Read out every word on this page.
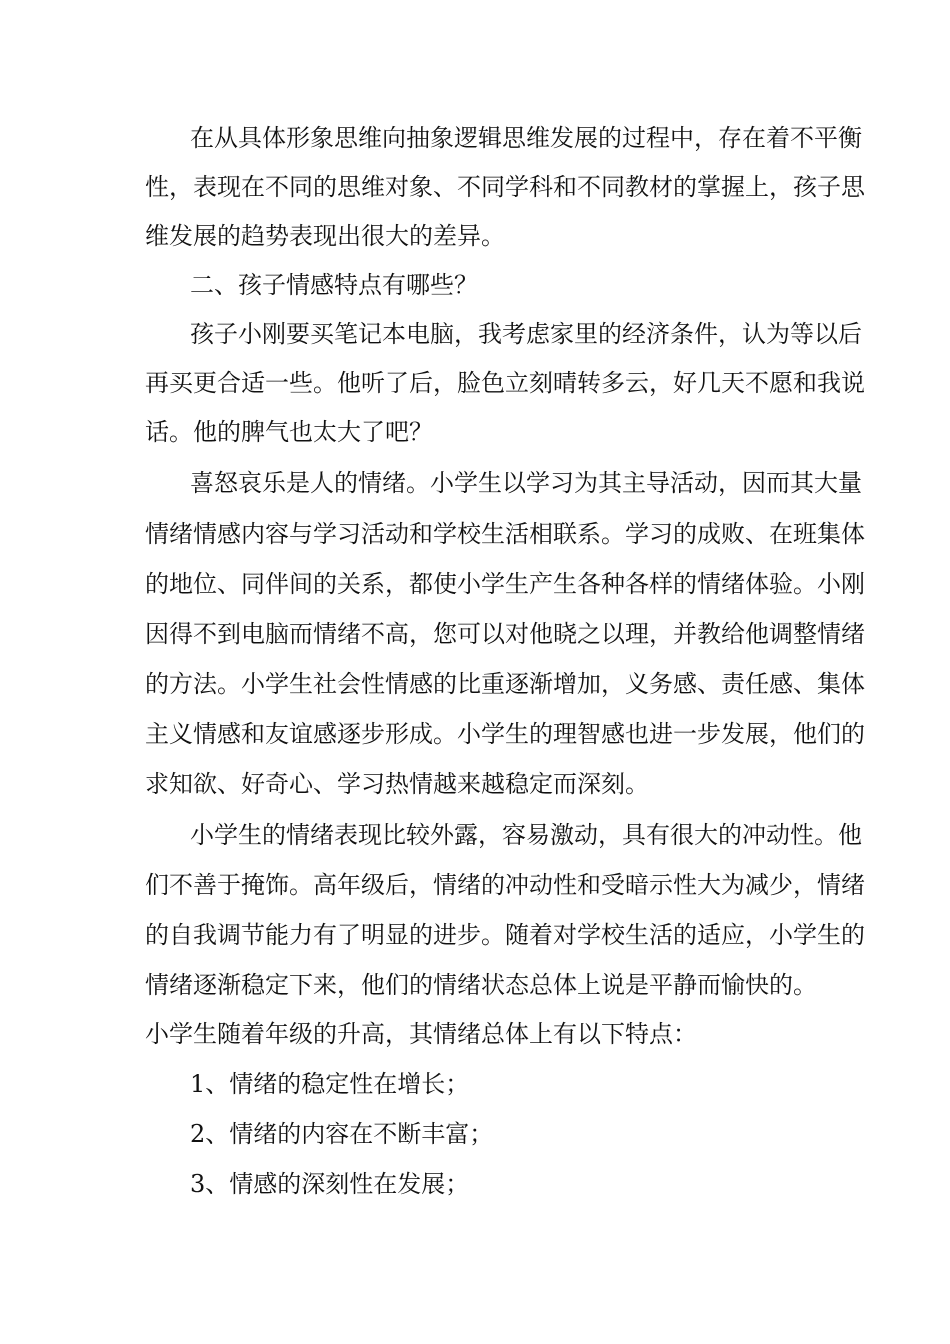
在从具体形象思维向抽象逻辑思维发展的过程中，存在着不平衡
性，表现在不同的思维对象、不同学科和不同教材的掌握上，孩子思
维发展的趋势表现出很大的差异。
二、孩子情感特点有哪些？
孩子小刚要买笔记本电脑，我考虑家里的经济条件，认为等以后
再买更合适一些。他听了后，脸色立刻晴转多云，好几天不愿和我说
话。他的脾气也太大了吧？
喜怒哀乐是人的情绪。小学生以学习为其主导活动，因而其大量
情绪情感内容与学习活动和学校生活相联系。学习的成败、在班集体
的地位、同伴间的关系，都使小学生产生各种各样的情绪体验。小刚
因得不到电脑而情绪不高，您可以对他晓之以理，并教给他调整情绪
的方法。小学生社会性情感的比重逐渐增加，义务感、责任感、集体
主义情感和友谊感逐步形成。小学生的理智感也进一步发展，他们的
求知欲、好奇心、学习热情越来越稳定而深刻。
小学生的情绪表现比较外露，容易激动，具有很大的冲动性。他
们不善于掩饰。高年级后，情绪的冲动性和受暗示性大为减少，情绪
的自我调节能力有了明显的进步。随着对学校生活的适应，小学生的
情绪逐渐稳定下来，他们的情绪状态总体上说是平静而愉快的。
小学生随着年级的升高，其情绪总体上有以下特点：
1、情绪的稳定性在增长；
2、情绪的内容在不断丰富；
3、情感的深刻性在发展；
